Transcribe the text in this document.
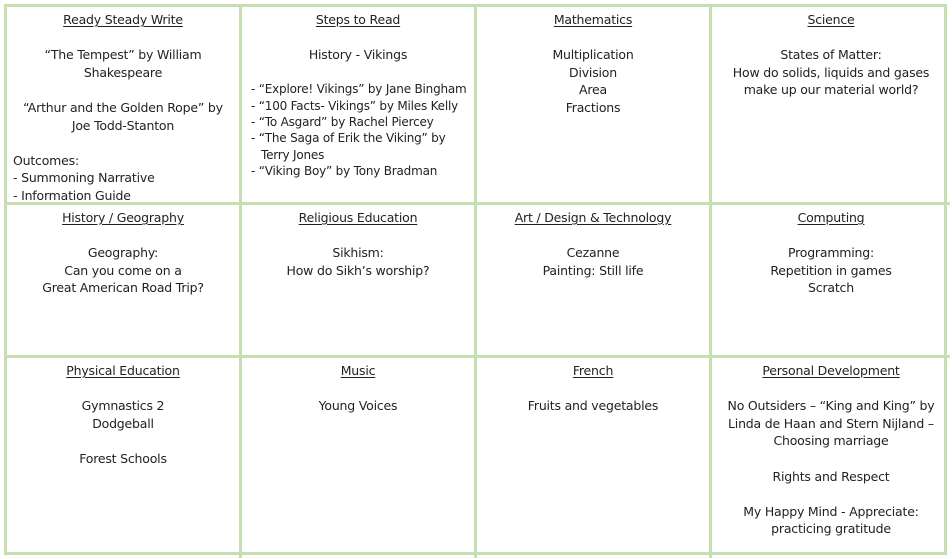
Ready Steady Write
“The Tempest” by William
Shakespeare
“Arthur and the Golden Rope” by
Joe Todd-Stanton
Outcomes:
- Summoning Narrative
- Information Guide
Steps to Read
History - Vikings
- “Explore! Vikings” by Jane Bingham
- “100 Facts- Vikings” by Miles Kelly
- “To Asgard” by Rachel Piercey
- “The Saga of Erik the Viking” by Terry Jones
- “Viking Boy” by Tony Bradman
Mathematics
Multiplication
Division
Area
Fractions
Science
States of Matter:
How do solids, liquids and gases
make up our material world?
History / Geography
Geography:
Can you come on a
Great American Road Trip?
Religious Education
Sikhism:
How do Sikh’s worship?
Art / Design & Technology
Cezanne
Painting: Still life
Computing
Programming:
Repetition in games
Scratch
Physical Education
Gymnastics 2
Dodgeball
Forest Schools
Music
Young Voices
French
Fruits and vegetables
Personal Development
No Outsiders – “King and King” by
Linda de Haan and Stern Nijland –
Choosing marriage
Rights and Respect
My Happy Mind - Appreciate:
practicing gratitude
